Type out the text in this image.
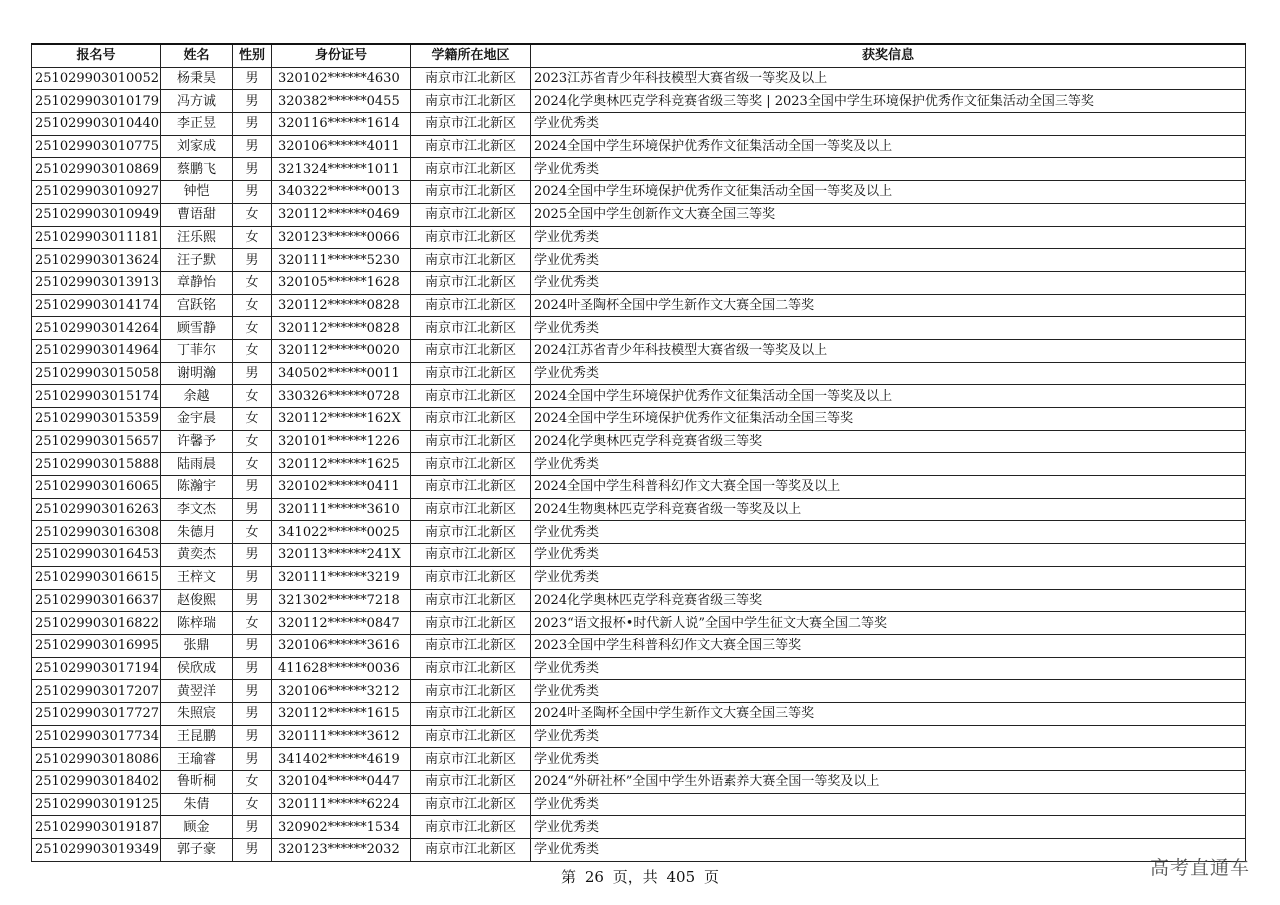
报名号	姓名	性别	身份证号	学籍所在地区	获奖信息
251029903010052	杨秉昊	男	320102******4630	南京市江北新区	2023江苏省青少年科技模型大赛省级一等奖及以上
251029903010179	冯方诚	男	320382******0455	南京市江北新区	2024化学奥林匹克学科竞赛省级三等奖 | 2023全国中学生环境保护优秀作文征集活动全国三等奖
251029903010440	李正昱	男	320116******1614	南京市江北新区	学业优秀类
251029903010775	刘家成	男	320106******4011	南京市江北新区	2024全国中学生环境保护优秀作文征集活动全国一等奖及以上
251029903010869	蔡鹏飞	男	321324******1011	南京市江北新区	学业优秀类
251029903010927	钟恺	男	340322******0013	南京市江北新区	2024全国中学生环境保护优秀作文征集活动全国一等奖及以上
251029903010949	曹语甜	女	320112******0469	南京市江北新区	2025全国中学生创新作文大赛全国三等奖
251029903011181	汪乐熙	女	320123******0066	南京市江北新区	学业优秀类
251029903013624	汪子默	男	320111******5230	南京市江北新区	学业优秀类
251029903013913	章静怡	女	320105******1628	南京市江北新区	学业优秀类
251029903014174	宫跃铭	女	320112******0828	南京市江北新区	2024叶圣陶杯全国中学生新作文大赛全国二等奖
251029903014264	顾雪静	女	320112******0828	南京市江北新区	学业优秀类
251029903014964	丁菲尔	女	320112******0020	南京市江北新区	2024江苏省青少年科技模型大赛省级一等奖及以上
251029903015058	谢明瀚	男	340502******0011	南京市江北新区	学业优秀类
251029903015174	余越	女	330326******0728	南京市江北新区	2024全国中学生环境保护优秀作文征集活动全国一等奖及以上
251029903015359	金宇晨	女	320112******162X	南京市江北新区	2024全国中学生环境保护优秀作文征集活动全国三等奖
251029903015657	许馨予	女	320101******1226	南京市江北新区	2024化学奥林匹克学科竞赛省级三等奖
251029903015888	陆雨晨	女	320112******1625	南京市江北新区	学业优秀类
251029903016065	陈瀚宇	男	320102******0411	南京市江北新区	2024全国中学生科普科幻作文大赛全国一等奖及以上
251029903016263	李文杰	男	320111******3610	南京市江北新区	2024生物奥林匹克学科竞赛省级一等奖及以上
251029903016308	朱德月	女	341022******0025	南京市江北新区	学业优秀类
251029903016453	黄奕杰	男	320113******241X	南京市江北新区	学业优秀类
251029903016615	王梓文	男	320111******3219	南京市江北新区	学业优秀类
251029903016637	赵俊熙	男	321302******7218	南京市江北新区	2024化学奥林匹克学科竞赛省级三等奖
251029903016822	陈梓瑞	女	320112******0847	南京市江北新区	2023“语文报杯•时代新人说”全国中学生征文大赛全国二等奖
251029903016995	张鼎	男	320106******3616	南京市江北新区	2023全国中学生科普科幻作文大赛全国三等奖
251029903017194	侯欣成	男	411628******0036	南京市江北新区	学业优秀类
251029903017207	黄翌洋	男	320106******3212	南京市江北新区	学业优秀类
251029903017727	朱照宸	男	320112******1615	南京市江北新区	2024叶圣陶杯全国中学生新作文大赛全国三等奖
251029903017734	王昆鹏	男	320111******3612	南京市江北新区	学业优秀类
251029903018086	王瑜睿	男	341402******4619	南京市江北新区	学业优秀类
251029903018402	鲁昕桐	女	320104******0447	南京市江北新区	2024“外研社杯”全国中学生外语素养大赛全国一等奖及以上
251029903019125	朱倩	女	320111******6224	南京市江北新区	学业优秀类
251029903019187	顾金	男	320902******1534	南京市江北新区	学业优秀类
251029903019349	郭子豪	男	320123******2032	南京市江北新区	学业优秀类
第 26 页，共 405 页	高考直通车
